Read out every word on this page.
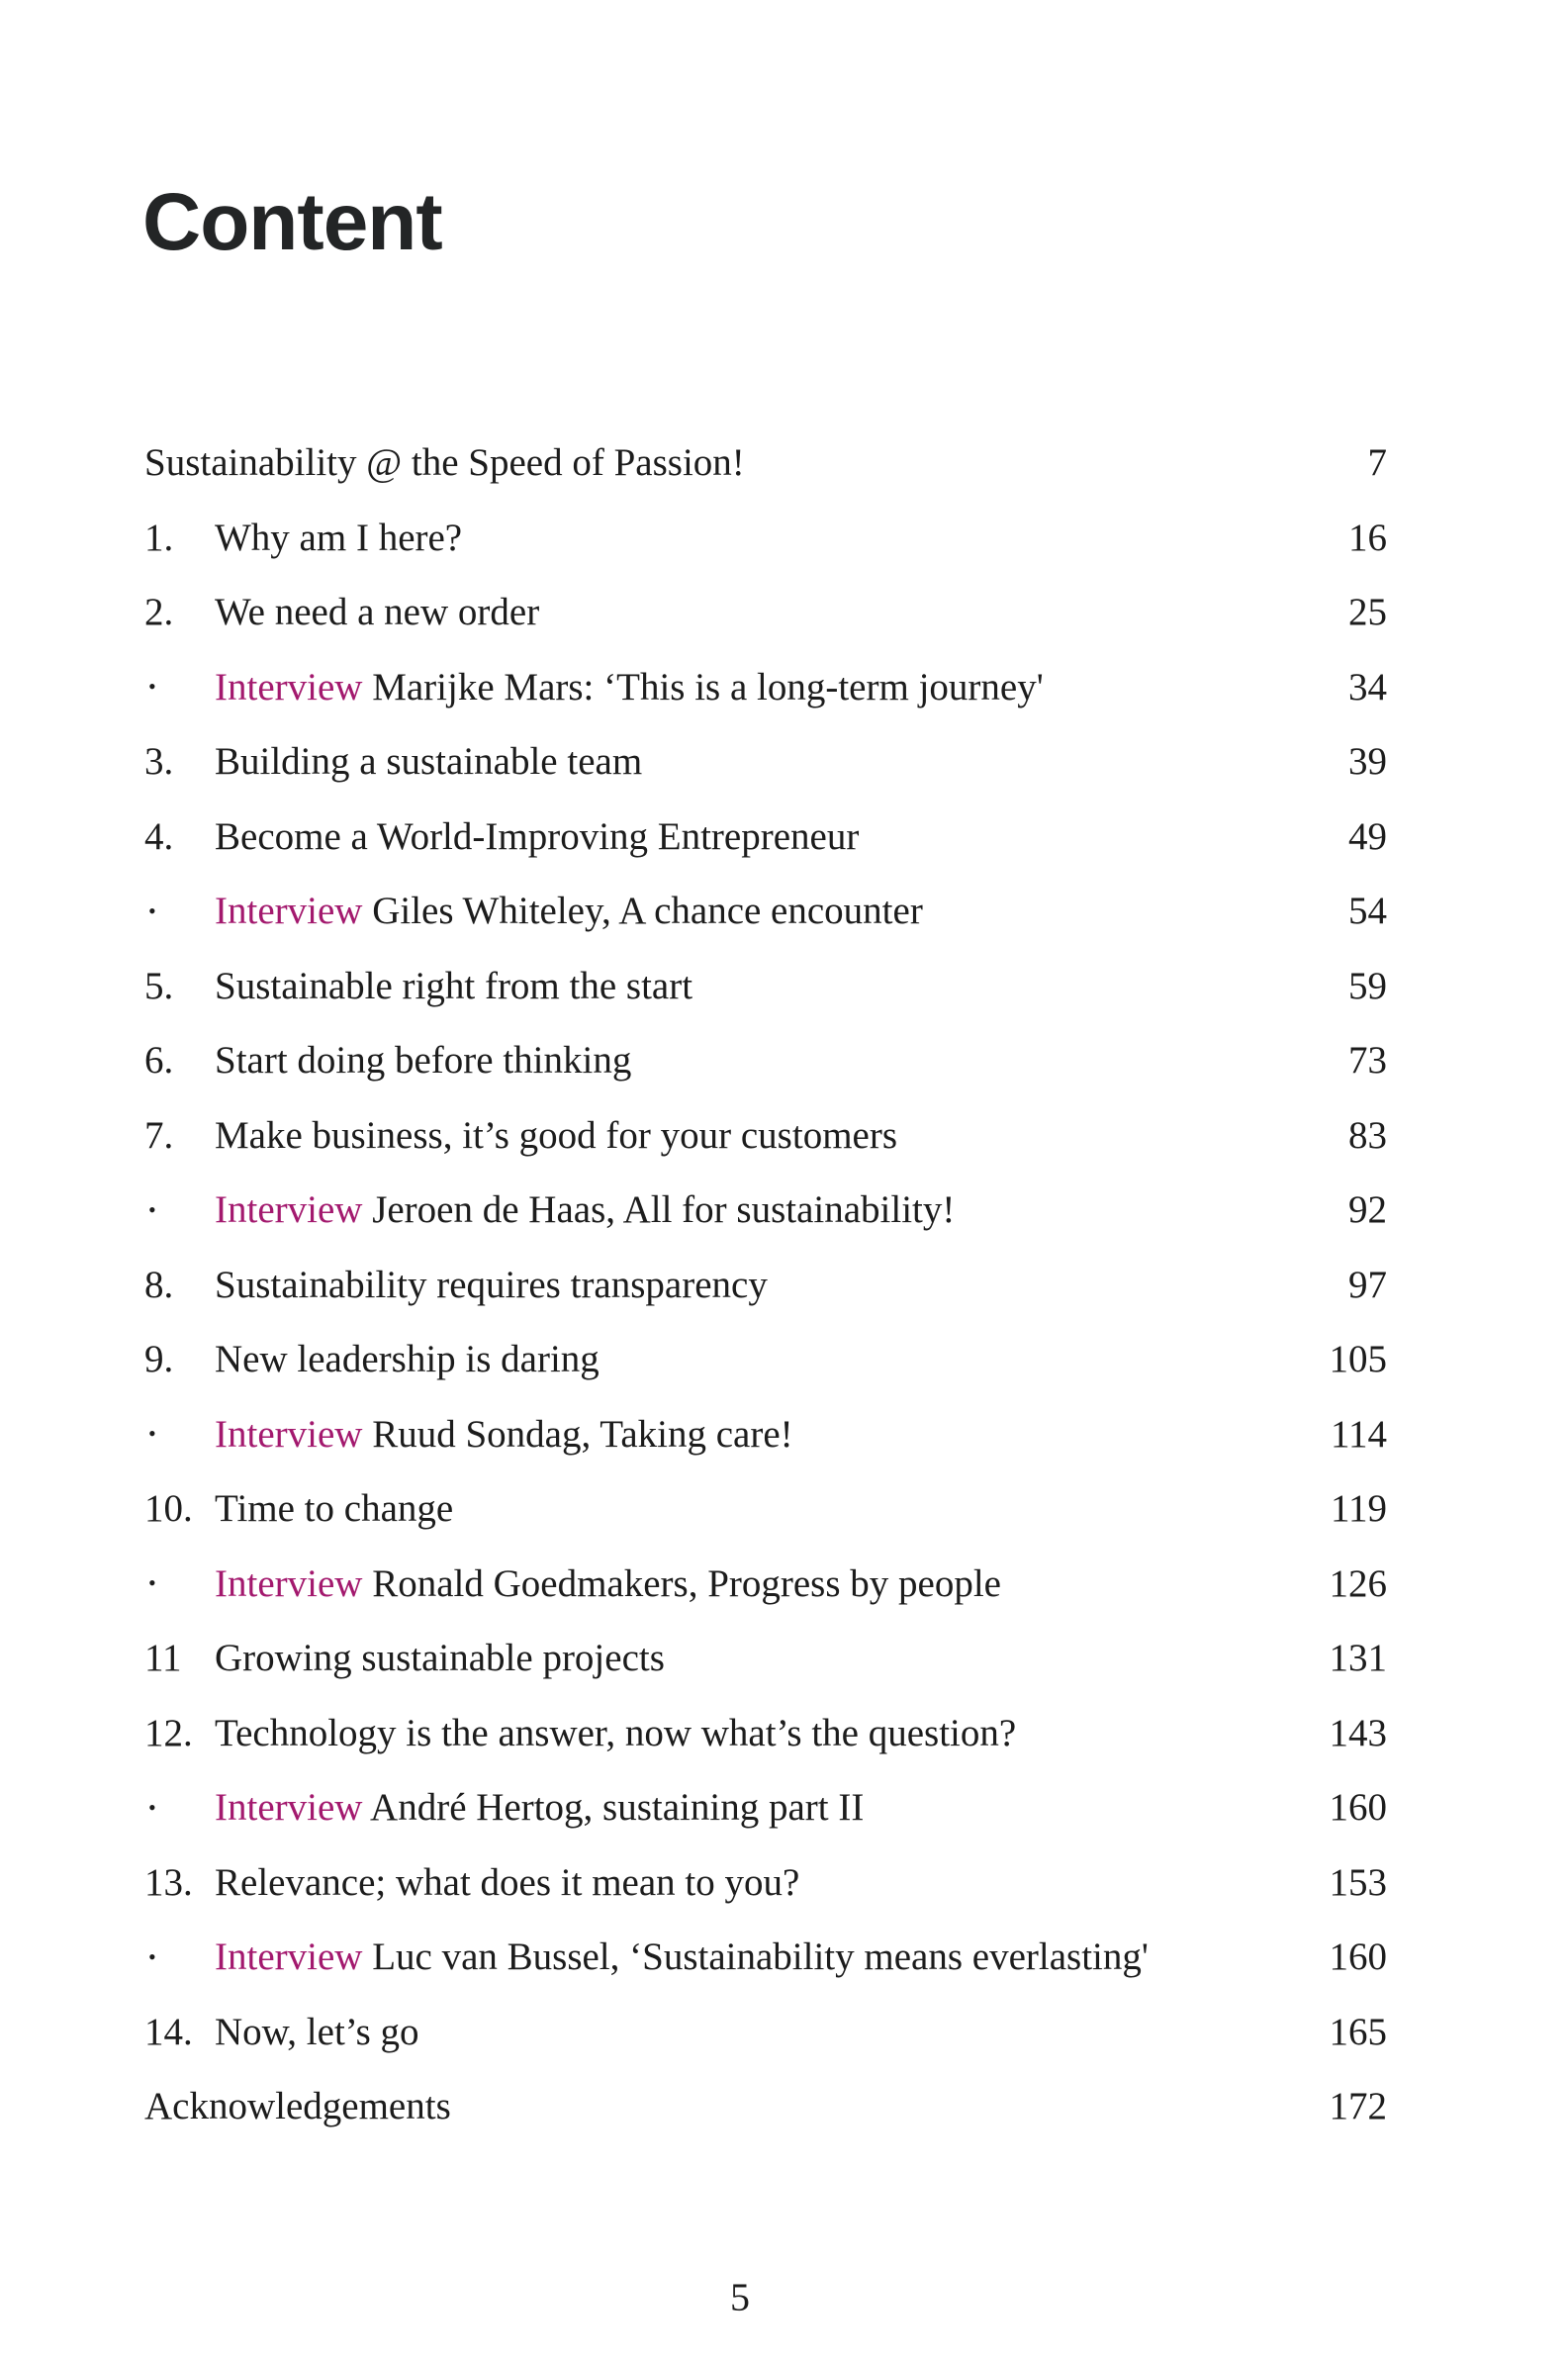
Content
Sustainability @ the Speed of Passion!	7
1.	Why am I here?	16
2.	We need a new order	25
•	Interview Marijke Mars: ‘This is a long-term journey'	34
3.	Building a sustainable team	39
4.	Become a World-Improving Entrepreneur	49
•	Interview Giles Whiteley, A chance encounter	54
5.	Sustainable right from the start	59
6.	Start doing before thinking	73
7.	Make business, it’s good for your customers	83
•	Interview Jeroen de Haas, All for sustainability!	92
8.	Sustainability requires transparency	97
9.	New leadership is daring	105
•	Interview Ruud Sondag, Taking care!	114
10. Time to change	119
•	Interview Ronald Goedmakers, Progress by people	126
11 Growing sustainable projects	131
12. Technology is the answer, now what’s the question?	143
•	Interview André Hertog, sustaining part II	160
13. Relevance; what does it mean to you?	153
•	Interview Luc van Bussel, ‘Sustainability means everlasting'	160
14. Now, let’s go	165
Acknowledgements	172
5
